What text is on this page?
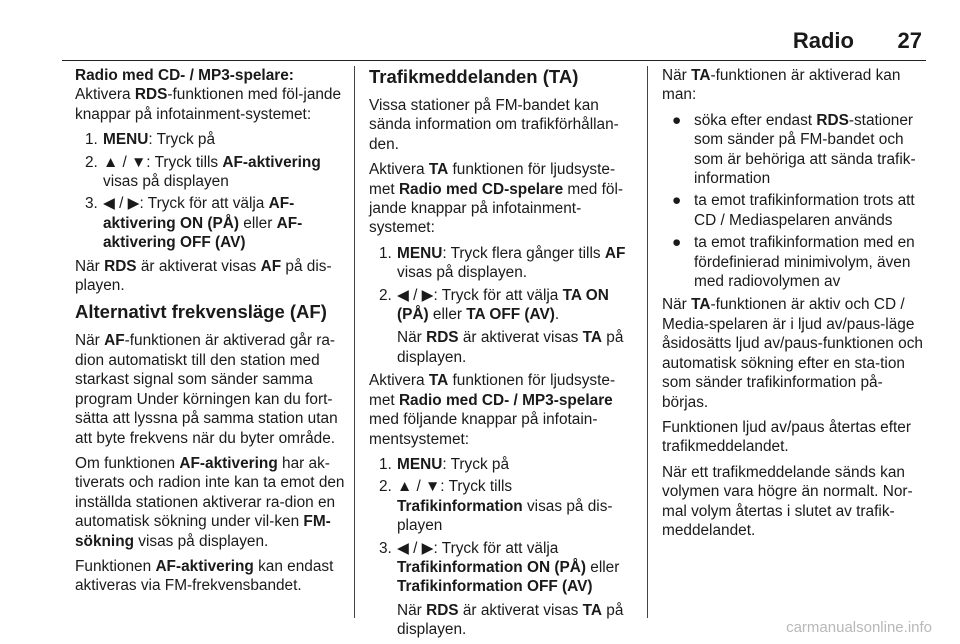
Radio 27

Radio med CD- / MP3-spelare:

Aktivera RDS-funktionen med föl-jande knappar på infotainment-systemet:

1. MENU: Tryck på
2. ▲ / ▼: Tryck tills AF-aktivering visas på displayen
3. ◀ / ▶: Tryck för att välja AF-aktivering ON (PÅ) eller AF-aktivering OFF (AV)

När RDS är aktiverat visas AF på dis-playen.

Alternativt frekvensläge (AF)

När AF-funktionen är aktiverad går ra-dion automatiskt till den station med starkast signal som sänder samma program Under körningen kan du fort-sätta att lyssna på samma station utan att byte frekvens när du byter område.

Om funktionen AF-aktivering har ak-tiverats och radion inte kan ta emot den inställda stationen aktiverar ra-dion en automatisk sökning under vil-ken FM-sökning visas på displayen.

Funktionen AF-aktivering kan endast aktiveras via FM-frekvensbandet.

Trafikmeddelanden (TA)

Vissa stationer på FM-bandet kan sända information om trafikförhållan-den.

Aktivera TA funktionen för ljudsyste-met Radio med CD-spelare med föl-jande knappar på infotainment-systemet:

1. MENU: Tryck flera gånger tills AF visas på displayen.
2. ◀ / ▶: Tryck för att välja TA ON (PÅ) eller TA OFF (AV).
När RDS är aktiverat visas TA på displayen.

Aktivera TA funktionen för ljudsyste-met Radio med CD- / MP3-spelare med följande knappar på infotain-mentsystemet:

1. MENU: Tryck på
2. ▲ / ▼: Tryck tills Trafikinformation visas på dis-playen
3. ◀ / ▶: Tryck för att välja Trafikinformation ON (PÅ) eller Trafikinformation OFF (AV)
När RDS är aktiverat visas TA på displayen.

När TA-funktionen är aktiverad kan man:

● söka efter endast RDS-stationer som sänder på FM-bandet och som är behöriga att sända trafik-information
● ta emot trafikinformation trots att CD / Mediaspelaren används
● ta emot trafikinformation med en fördefinierad minimivolym, även med radiovolymen av

När TA-funktionen är aktiv och CD / Media-spelaren är i ljud av/paus-läge åsidosätts ljud av/paus-funktionen och automatisk sökning efter en sta-tion som sänder trafikinformation på-börjas.

Funktionen ljud av/paus återtas efter trafikmeddelandet.

När ett trafikmeddelande sänds kan volymen vara högre än normalt. Nor-mal volym återtas i slutet av trafik-meddelandet.

carmanualsonline.info
